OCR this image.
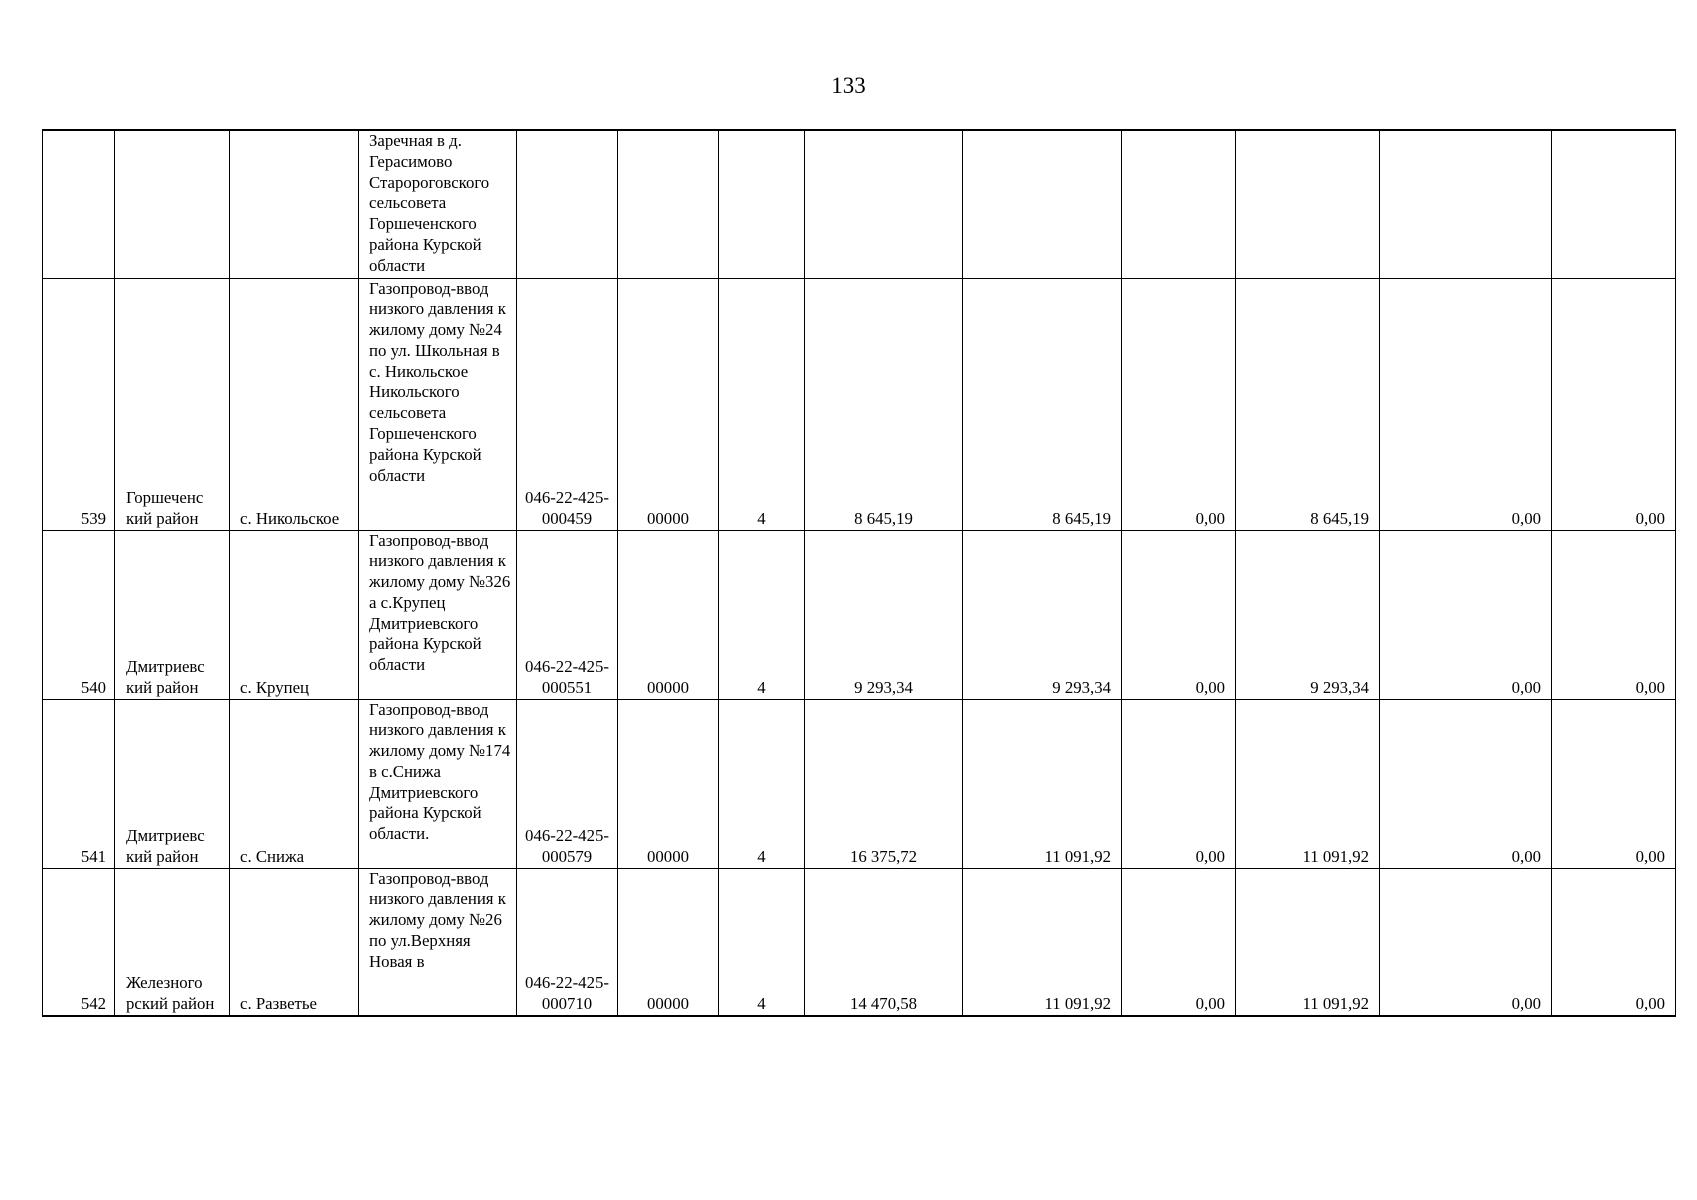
133
			Заречная в д. Герасимово Старороговского сельсовета Горшеченского района Курской области									
539	Горшеченс кий район	с. Никольское	Газопровод-ввод низкого давления к жилому дому №24 по ул. Школьная в с. Никольское Никольского сельсовета Горшеченского района Курской области	046-22-425-000459	00000	4	8 645,19	8 645,19	0,00	8 645,19	0,00	0,00
540	Дмитриевс кий район	с. Крупец	Газопровод-ввод низкого давления к жилому дому №326 а с.Крупец Дмитриевского района Курской области	046-22-425-000551	00000	4	9 293,34	9 293,34	0,00	9 293,34	0,00	0,00
541	Дмитриевс кий район	с. Снижа	Газопровод-ввод низкого давления к жилому дому №174 в с.Снижа Дмитриевского района Курской области.	046-22-425-000579	00000	4	16 375,72	11 091,92	0,00	11 091,92	0,00	0,00
542	Железного рский район	с. Разветье	Газопровод-ввод низкого давления к жилому дому №26 по ул.Верхняя Новая в	046-22-425-000710	00000	4	14 470,58	11 091,92	0,00	11 091,92	0,00	0,00
